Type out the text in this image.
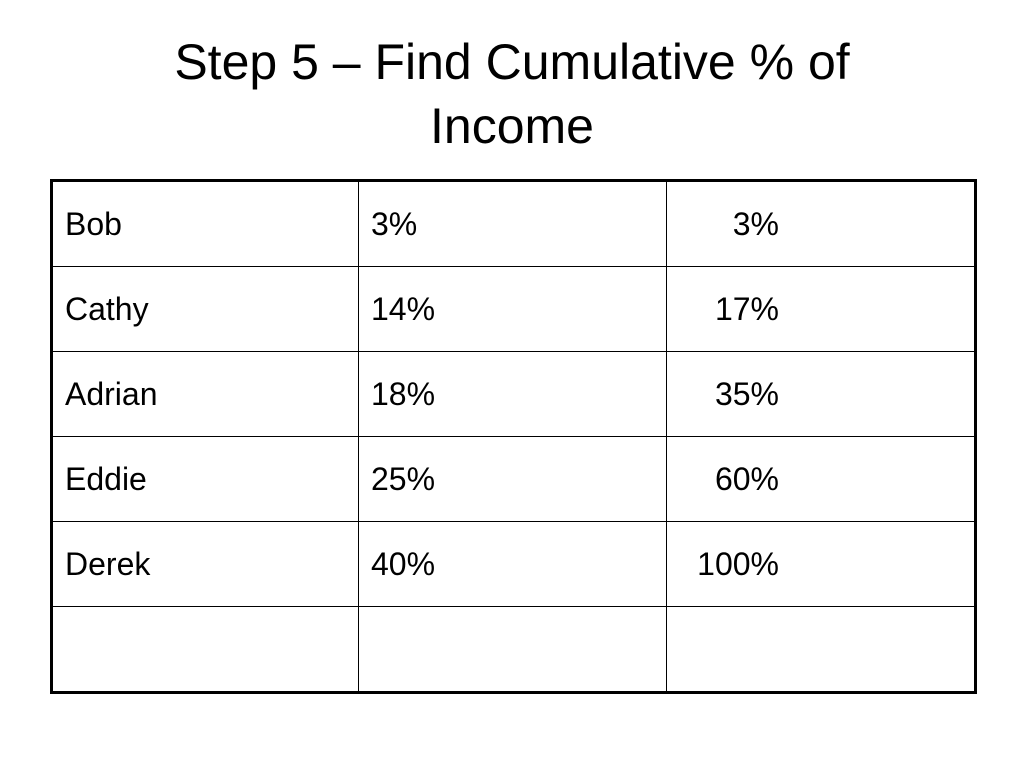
Step 5 – Find Cumulative % of
Income
Bob	3%	3%
Cathy	14%	17%
Adrian	18%	35%
Eddie	25%	60%
Derek	40%	100%
